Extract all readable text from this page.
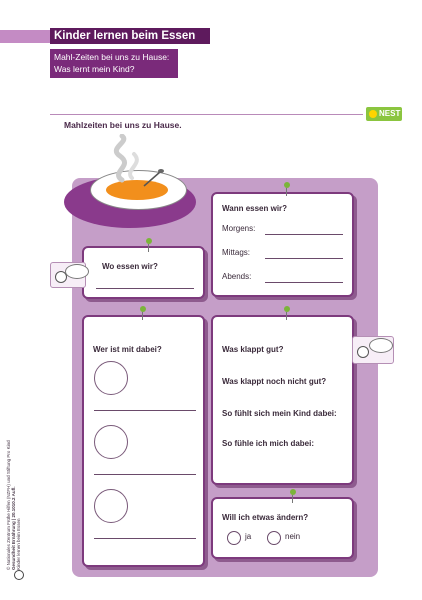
Kinder lernen beim Essen
Mahl-Zeiten bei uns zu Hause:
Was lernt mein Kind?
NEST
Mahlzeiten bei uns zu Hause.
Wann essen wir?
Morgens:
Mittags:
Abends:
Wo essen wir?
Wer ist mit dabei?	Was klappt gut?
Was klappt noch nicht gut?
So fühlt sich mein Kind dabei:
So fühle ich mich dabei:
Will ich etwas ändern?
ja	nein
© Nationales Zentrum Frühe Hilfen (NZFH) und Stiftung Pro Kind Gesundheit Ernährung | 20.1010.2 Aufl. Kinder lernen beim Essen
